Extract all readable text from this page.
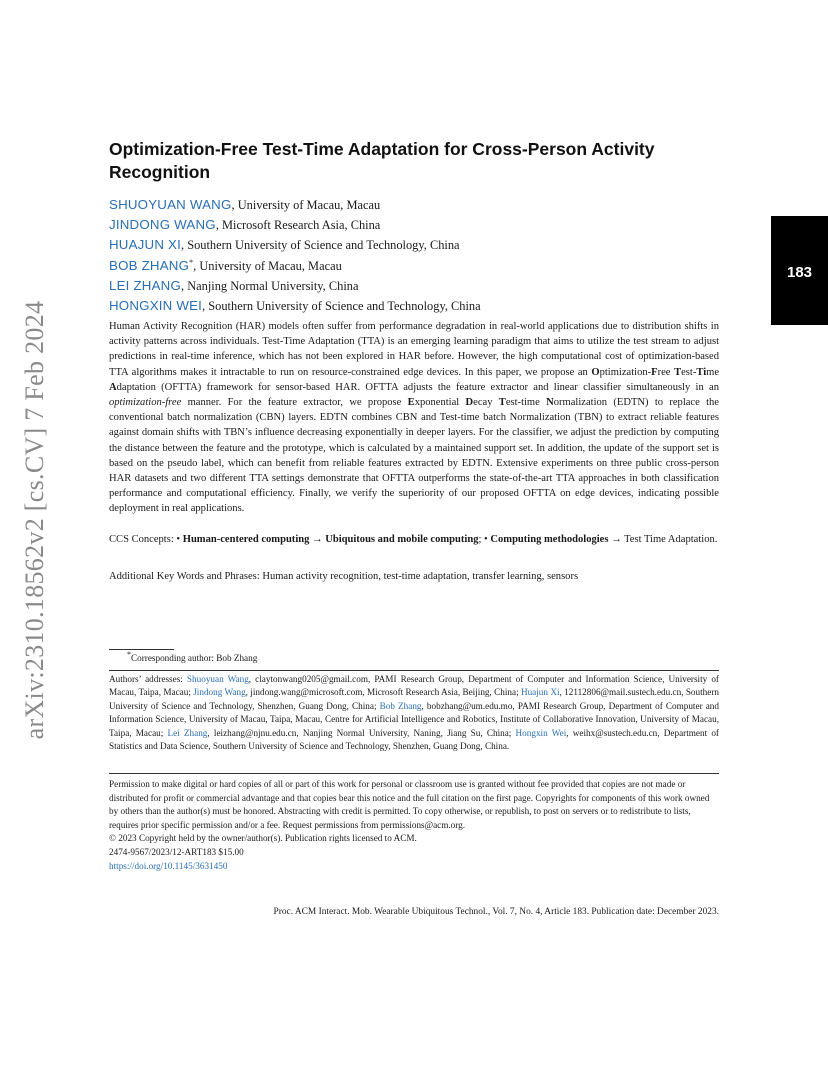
arXiv:2310.18562v2 [cs.CV] 7 Feb 2024
183
Optimization-Free Test-Time Adaptation for Cross-Person Activity Recognition
SHUOYUAN WANG, University of Macau, Macau
JINDONG WANG, Microsoft Research Asia, China
HUAJUN XI, Southern University of Science and Technology, China
BOB ZHANG*, University of Macau, Macau
LEI ZHANG, Nanjing Normal University, China
HONGXIN WEI, Southern University of Science and Technology, China

Human Activity Recognition (HAR) models often suffer from performance degradation in real-world applications due to distribution shifts in activity patterns across individuals. Test-Time Adaptation (TTA) is an emerging learning paradigm that aims to utilize the test stream to adjust predictions in real-time inference, which has not been explored in HAR before. However, the high computational cost of optimization-based TTA algorithms makes it intractable to run on resource-constrained edge devices. In this paper, we propose an Optimization-Free Test-Time Adaptation (OFTTA) framework for sensor-based HAR. OFTTA adjusts the feature extractor and linear classifier simultaneously in an optimization-free manner. For the feature extractor, we propose Exponential Decay Test-time Normalization (EDTN) to replace the conventional batch normalization (CBN) layers. EDTN combines CBN and Test-time batch Normalization (TBN) to extract reliable features against domain shifts with TBN’s influence decreasing exponentially in deeper layers. For the classifier, we adjust the prediction by computing the distance between the feature and the prototype, which is calculated by a maintained support set. In addition, the update of the support set is based on the pseudo label, which can benefit from reliable features extracted by EDTN. Extensive experiments on three public cross-person HAR datasets and two different TTA settings demonstrate that OFTTA outperforms the state-of-the-art TTA approaches in both classification performance and computational efficiency. Finally, we verify the superiority of our proposed OFTTA on edge devices, indicating possible deployment in real applications.

CCS Concepts: • Human-centered computing → Ubiquitous and mobile computing; • Computing methodologies → Test Time Adaptation.

Additional Key Words and Phrases: Human activity recognition, test-time adaptation, transfer learning, sensors

*Corresponding author: Bob Zhang

Authors’ addresses: Shuoyuan Wang, claytonwang0205@gmail.com, PAMI Research Group, Department of Computer and Information Science, University of Macau, Taipa, Macau; Jindong Wang, jindong.wang@microsoft.com, Microsoft Research Asia, Beijing, China; Huajun Xi, 12112806@mail.sustech.edu.cn, Southern University of Science and Technology, Shenzhen, Guang Dong, China; Bob Zhang, bobzhang@um.edu.mo, PAMI Research Group, Department of Computer and Information Science, University of Macau, Taipa, Macau, Centre for Artificial Intelligence and Robotics, Institute of Collaborative Innovation, University of Macau, Taipa, Macau; Lei Zhang, leizhang@njnu.edu.cn, Nanjing Normal University, Naning, Jiang Su, China; Hongxin Wei, weihx@sustech.edu.cn, Department of Statistics and Data Science, Southern University of Science and Technology, Shenzhen, Guang Dong, China.

Permission to make digital or hard copies of all or part of this work for personal or classroom use is granted without fee provided that copies are not made or distributed for profit or commercial advantage and that copies bear this notice and the full citation on the first page. Copyrights for components of this work owned by others than the author(s) must be honored. Abstracting with credit is permitted. To copy otherwise, or republish, to post on servers or to redistribute to lists, requires prior specific permission and/or a fee. Request permissions from permissions@acm.org.
© 2023 Copyright held by the owner/author(s). Publication rights licensed to ACM.
2474-9567/2023/12-ART183 $15.00
https://doi.org/10.1145/3631450
Proc. ACM Interact. Mob. Wearable Ubiquitous Technol., Vol. 7, No. 4, Article 183. Publication date: December 2023.
